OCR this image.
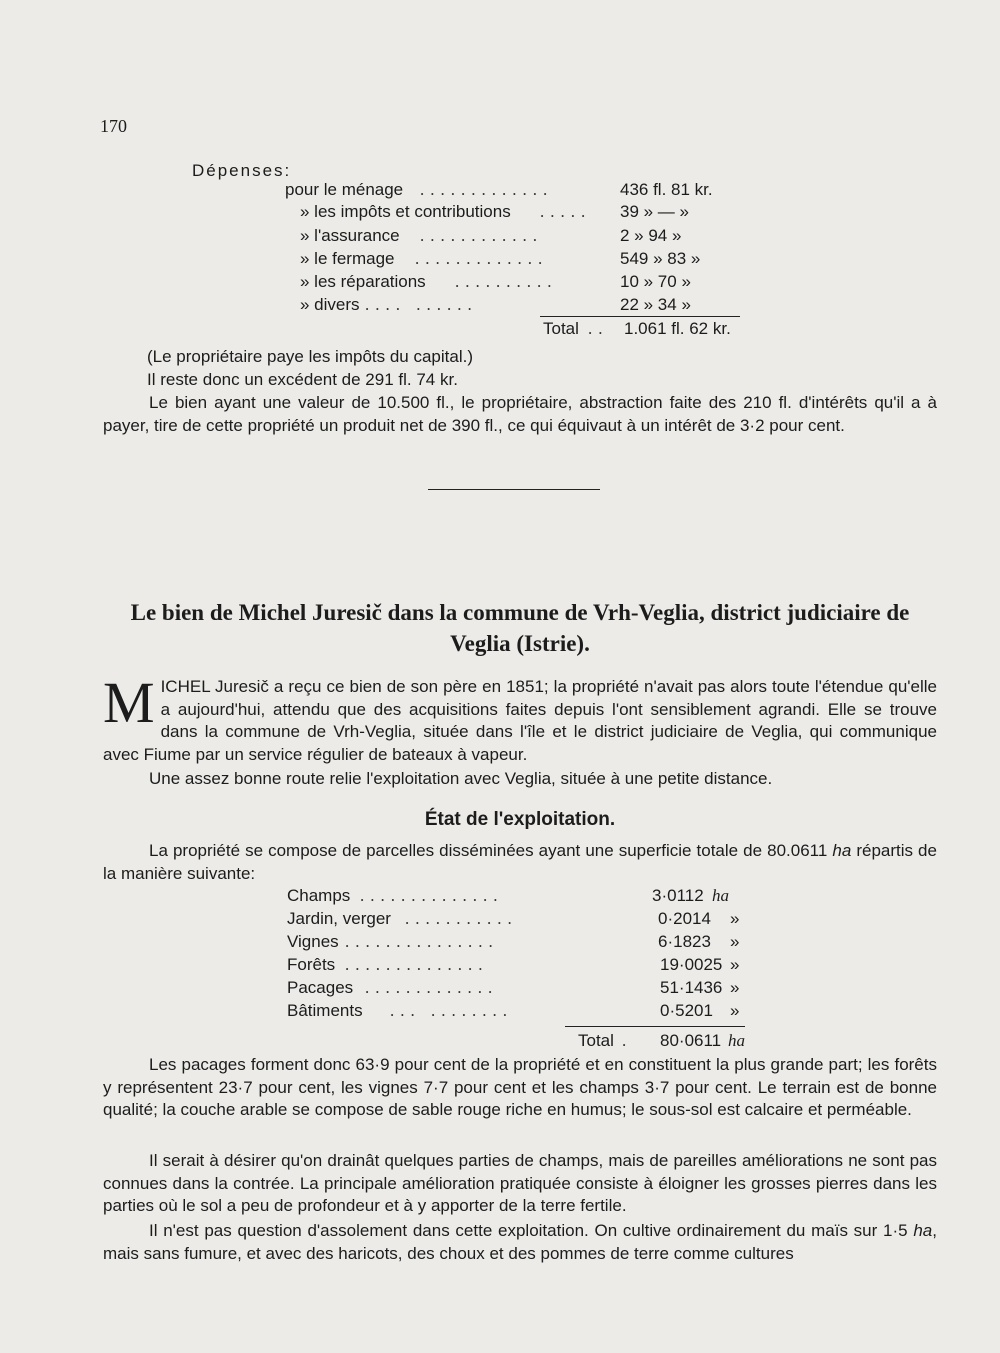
170
Dépenses:
pour le ménage .............	436 fl. 81 kr.
» les impôts et contributions ..... 39 » — »
» l'assurance ............	2 » 94 »
» le fermage .............	549 » 83 »
» les réparations ..........	10 » 70 »
» divers .... ......	22 » 34 »
Total .. 1.061 fl. 62 kr.
(Le propriétaire paye les impôts du capital.)
Il reste donc un excédent de 291 fl. 74 kr.
Le bien ayant une valeur de 10.500 fl., le propriétaire, abstraction faite des 210 fl. d'intérêts qu'il a à payer, tire de cette propriété un produit net de 390 fl., ce qui équivaut à un intérêt de 3·2 pour cent.
Le bien de Michel Juresič dans la commune de Vrh-Veglia, district judiciaire de Veglia (Istrie).
MICHEL Juresič a reçu ce bien de son père en 1851; la propriété n'avait pas alors toute l'étendue qu'elle a aujourd'hui, attendu que des acquisitions faites depuis l'ont sensiblement agrandi. Elle se trouve dans la commune de Vrh-Veglia, située dans l'île et le district judiciaire de Veglia, qui communique avec Fiume par un service régulier de bateaux à vapeur.
Une assez bonne route relie l'exploitation avec Veglia, située à une petite distance.
État de l'exploitation.
La propriété se compose de parcelles disséminées ayant une superficie totale de 80.0611 ha répartis de la manière suivante:
Champs ..............	3·0112 ha
Jardin, verger ...........	0·2014 »
Vignes ...............	6·1823 »
Forêts ..............	19·0025 »
Pacages .............	51·1436 »
Bâtiments ... ........	0·5201 »
Total . 80·0611 ha
Les pacages forment donc 63·9 pour cent de la propriété et en constituent la plus grande part; les forêts y représentent 23·7 pour cent, les vignes 7·7 pour cent et les champs 3·7 pour cent. Le terrain est de bonne qualité; la couche arable se compose de sable rouge riche en humus; le sous-sol est calcaire et perméable.
Il serait à désirer qu'on drainât quelques parties de champs, mais de pareilles améliorations ne sont pas connues dans la contrée. La principale amélioration pratiquée consiste à éloigner les grosses pierres dans les parties où le sol a peu de profondeur et à y apporter de la terre fertile.
Il n'est pas question d'assolement dans cette exploitation. On cultive ordinairement du maïs sur 1·5 ha, mais sans fumure, et avec des haricots, des choux et des pommes de terre comme cultures
